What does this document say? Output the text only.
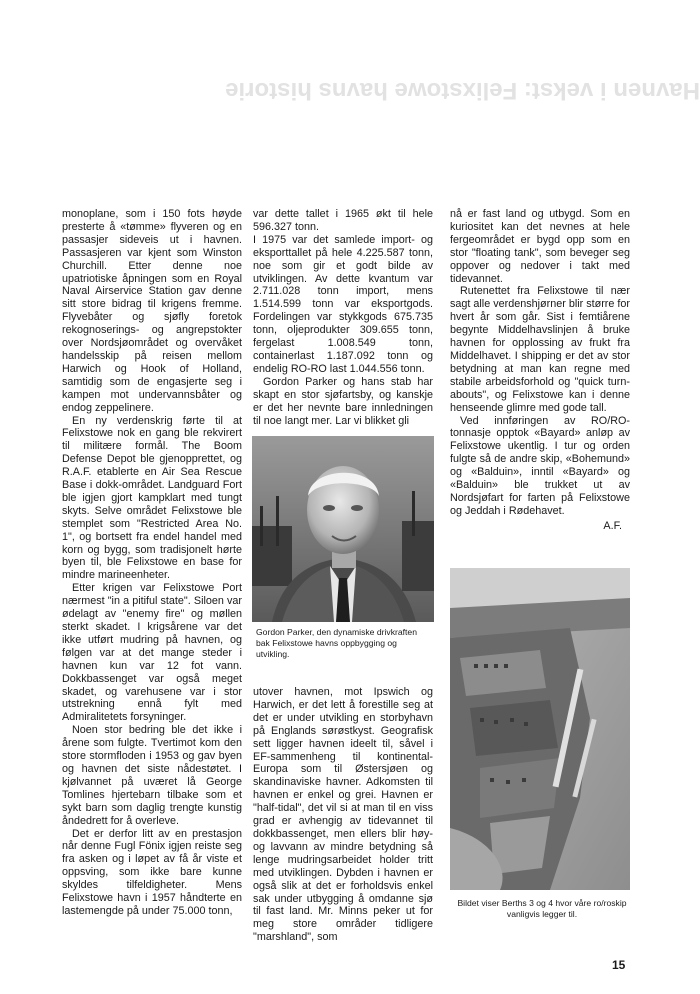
Havnen i vekst: Felixstowe havns historie

monoplane, som i 150 fots høyde presterte å «tømme» flyveren og en passasjer sideveis ut i havnen. Passasjeren var kjent som Winston Churchill. Etter denne noe upatriotiske åpningen som en Royal Naval Airservice Station gav denne sitt store bidrag til krigens fremme. Flyvebåter og sjøfly foretok rekognoserings- og angrepstokter over Nordsjøområdet og overvåket handelsskip på reisen mellom Harwich og Hook of Holland, samtidig som de engasjerte seg i kampen mot undervannsbåter og endog zeppelinere.

En ny verdenskrig førte til at Felixstowe nok en gang ble rekvirert til militære formål. The Boom Defense Depot ble gjenopprettet, og R.A.F. etablerte en Air Sea Rescue Base i dokk-området. Landguard Fort ble igjen gjort kampklart med tungt skyts. Selve området Felixstowe ble stemplet som "Restricted Area No. 1", og bortsett fra endel handel med korn og bygg, som tradisjonelt hørte byen til, ble Felixstowe en base for mindre marineenheter.

Etter krigen var Felixstowe Port nærmest "in a pitiful state". Siloen var ødelagt av "enemy fire" og møllen sterkt skadet. I krigsårene var det ikke utført mudring på havnen, og følgen var at det mange steder i havnen kun var 12 fot vann. Dokkbassenget var også meget skadet, og varehusene var i stor utstrekning ennå fylt med Admiralitetets forsyninger.

Noen stor bedring ble det ikke i årene som fulgte. Tvertimot kom den store stormfloden i 1953 og gav byen og havnen det siste nådestøtet. I kjølvannet på uværet lå George Tomlines hjertebarn tilbake som et sykt barn som daglig trengte kunstig åndedrett for å overleve.

Det er derfor litt av en prestasjon når denne Fugl Fönix igjen reiste seg fra asken og i løpet av få år viste et oppsving, som ikke bare kunne skyldes tilfeldigheter. Mens Felixstowe havn i 1957 håndterte en lastemengde på under 75.000 tonn,

var dette tallet i 1965 økt til hele 596.327 tonn.

I 1975 var det samlede import- og eksporttallet på hele 4.225.587 tonn, noe som gir et godt bilde av utviklingen. Av dette kvantum var 2.711.028 tonn import, mens 1.514.599 tonn var eksportgods. Fordelingen var stykkgods 675.735 tonn, oljeprodukter 309.655 tonn, fergelast 1.008.549 tonn, containerlast 1.187.092 tonn og endelig RO-RO last 1.044.556 tonn.

Gordon Parker og hans stab har skapt en stor sjøfartsby, og kanskje er det her nevnte bare innledningen til noe langt mer. Lar vi blikket gli

Gordon Parker, den dynamiske drivkraften bak Felixstowe havns oppbygging og utvikling.

utover havnen, mot Ipswich og Harwich, er det lett å forestille seg at det er under utvikling en storbyhavn på Englands sørøstkyst. Geografisk sett ligger havnen ideelt til, såvel i EF-sammenheng til kontinental-Europa som til Østersjøen og skandinaviske havner. Adkomsten til havnen er enkel og grei. Havnen er "half-tidal", det vil si at man til en viss grad er avhengig av tidevannet til dokkbassenget, men ellers blir høy- og lavvann av mindre betydning så lenge mudringsarbeidet holder tritt med utviklingen. Dybden i havnen er også slik at det er forholdsvis enkel sak under utbygging å omdanne sjø til fast land. Mr. Minns peker ut for meg store områder tidligere "marshland", som

nå er fast land og utbygd. Som en kuriositet kan det nevnes at hele fergeområdet er bygd opp som en stor "floating tank", som beveger seg oppover og nedover i takt med tidevannet.

Rutenettet fra Felixstowe til nær sagt alle verdenshjørner blir større for hvert år som går. Sist i femtiårene begynte Middelhavslinjen å bruke havnen for opplossing av frukt fra Middelhavet. I shipping er det av stor betydning at man kan regne med stabile arbeidsforhold og "quick turn-abouts", og Felixstowe kan i denne henseende glimre med gode tall.

Ved innføringen av RO/RO-tonnasje opptok «Bayard» anløp av Felixstowe ukentlig. I tur og orden fulgte så de andre skip, «Bohemund» og «Balduin», inntil «Bayard» og «Balduin» ble trukket ut av Nordsjøfart for farten på Felixstowe og Jeddah i Rødehavet.

A.F.
Bildet viser Berths 3 og 4 hvor våre ro/roskip vanligvis legger til.
15
